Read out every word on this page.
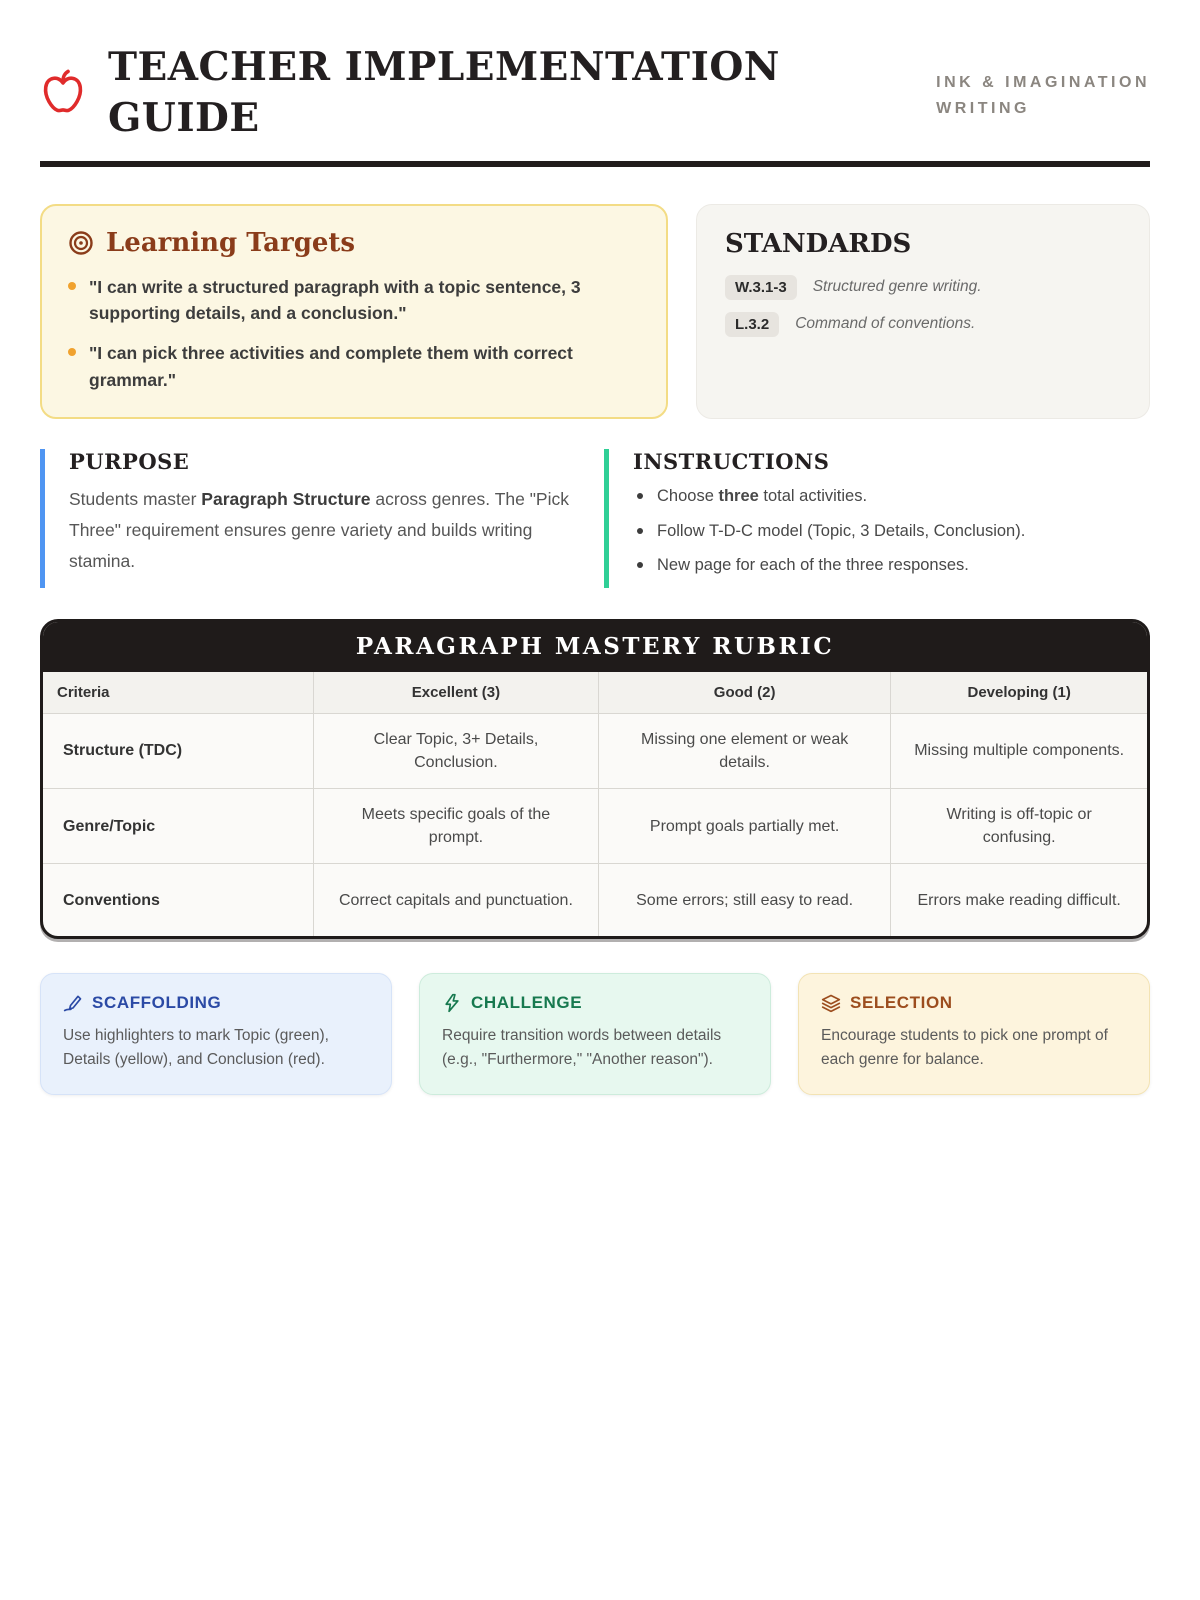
TEACHER IMPLEMENTATION
GUIDE
INK & IMAGINATION
WRITING
Learning Targets
"I can write a structured paragraph with a topic sentence, 3 supporting details, and a conclusion."
"I can pick three activities and complete them with correct grammar."
STANDARDS
W.3.1-3	Structured genre writing.
L.3.2	Command of conventions.
PURPOSE

Students master Paragraph Structure across genres. The "Pick Three" requirement ensures genre variety and builds writing stamina.

INSTRUCTIONS
Choose three total activities.
Follow T-D-C model (Topic, 3 Details, Conclusion).
New page for each of the three responses.
PARAGRAPH MASTERY RUBRIC
Criteria	Excellent (3)	Good (2)	Developing (1)
Structure (TDC)	Clear Topic, 3+ Details, Conclusion.	Missing one element or weak details.	Missing multiple components.
Genre/Topic	Meets specific goals of the prompt.	Prompt goals partially met.	Writing is off-topic or confusing.
Conventions	Correct capitals and punctuation.	Some errors; still easy to read.	Errors make reading difficult.
SCAFFOLDING

Use highlighters to mark Topic (green), Details (yellow), and Conclusion (red).

CHALLENGE

Require transition words between details (e.g., "Furthermore," "Another reason").

SELECTION

Encourage students to pick one prompt of each genre for balance.
